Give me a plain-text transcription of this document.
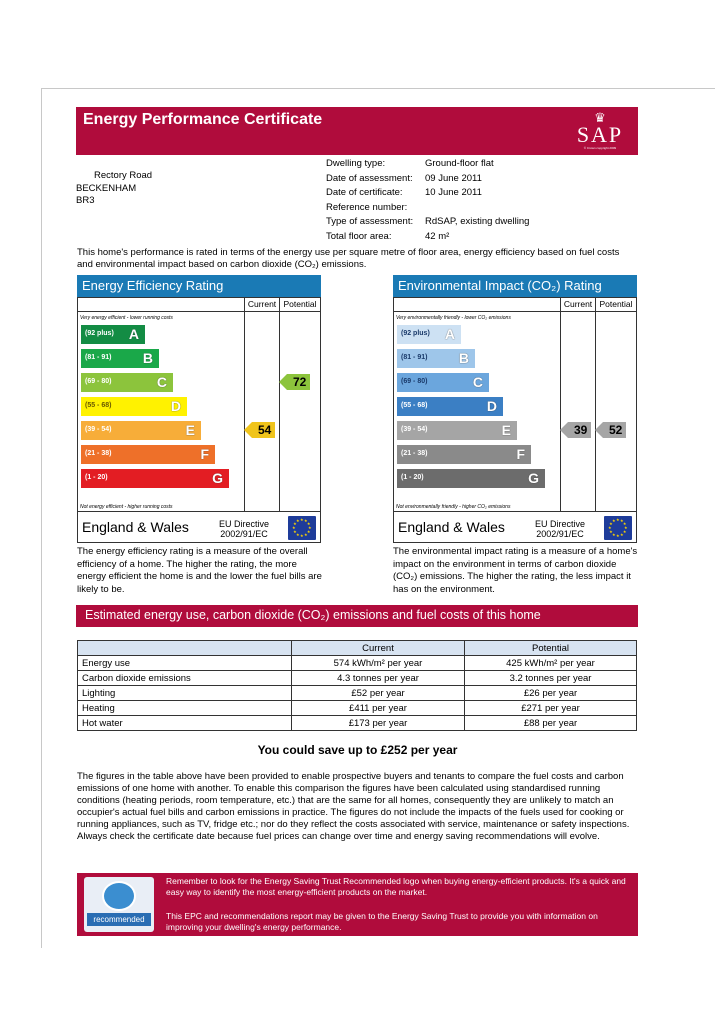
Energy Performance Certificate	♛
SAP
© Crown copyright 2009
Rectory Road
BECKENHAM
BR3
Dwelling type:	Ground-floor flat
Date of assessment:	09 June 2011
Date of certificate:	10 June 2011
Reference number:
Type of assessment:	RdSAP, existing dwelling
Total floor area:	42 m²
This home's performance is rated in terms of the energy use per square metre of floor area, energy efficiency based on fuel costs and environmental impact based on carbon dioxide (CO₂) emissions.
Energy Efficiency Rating
Current Potential
Very energy efficient - lower running costs
Not energy efficient - higher running costs
(92 plus) A
(81 - 91) B
(69 - 80)	C
(55 - 68)	D
(39 - 54)	E
(21 - 38)	F
(1 - 20)	G
54
72
England & Wales	EU Directive 2002/91/EC
★
★
★
★
★
★
★
★
★ ★ ★
★
Environmental Impact (CO₂) Rating
Current Potential
Very environmentally friendly - lower CO₂ emissions
Not environmentally friendly - higher CO₂ emissions
(92 plus) A
(81 - 91) B
(69 - 80)	C
(55 - 68)	D
(39 - 54)	E
(21 - 38)	F
(1 - 20)	G
39	52
England & Wales	EU Directive 2002/91/EC
★
★
★
★
★
★
★
★
★ ★ ★
★
The energy efficiency rating is a measure of the overall efficiency of a home. The higher the rating, the more energy efficient the home is and the lower the fuel bills are likely to be.
The environmental impact rating is a measure of a home's impact on the environment in terms of carbon dioxide (CO₂) emissions. The higher the rating, the less impact it has on the environment.
Estimated energy use, carbon dioxide (CO₂) emissions and fuel costs of this home
	Current	Potential
Energy use	574 kWh/m² per year	425 kWh/m² per year
Carbon dioxide emissions	4.3 tonnes per year	3.2 tonnes per year
Lighting	£52 per year	£26 per year
Heating	£411 per year	£271 per year
Hot water	£173 per year	£88 per year
You could save up to £252 per year
The figures in the table above have been provided to enable prospective buyers and tenants to compare the fuel costs and carbon emissions of one home with another. To enable this comparison the figures have been calculated using standardised running conditions (heating periods, room temperature, etc.) that are the same for all homes, consequently they are unlikely to match an occupier's actual fuel bills and carbon emissions in practice. The figures do not include the impacts of the fuels used for cooking or running appliances, such as TV, fridge etc.; nor do they reflect the costs associated with service, maintenance or safety inspections. Always check the certificate date because fuel prices can change over time and energy saving recommendations will evolve.
recommended
Remember to look for the Energy Saving Trust Recommended logo when buying energy-efficient products. It's a quick and easy way to identify the most energy-efficient products on the market.
This EPC and recommendations report may be given to the Energy Saving Trust to provide you with information on improving your dwelling's energy performance.
